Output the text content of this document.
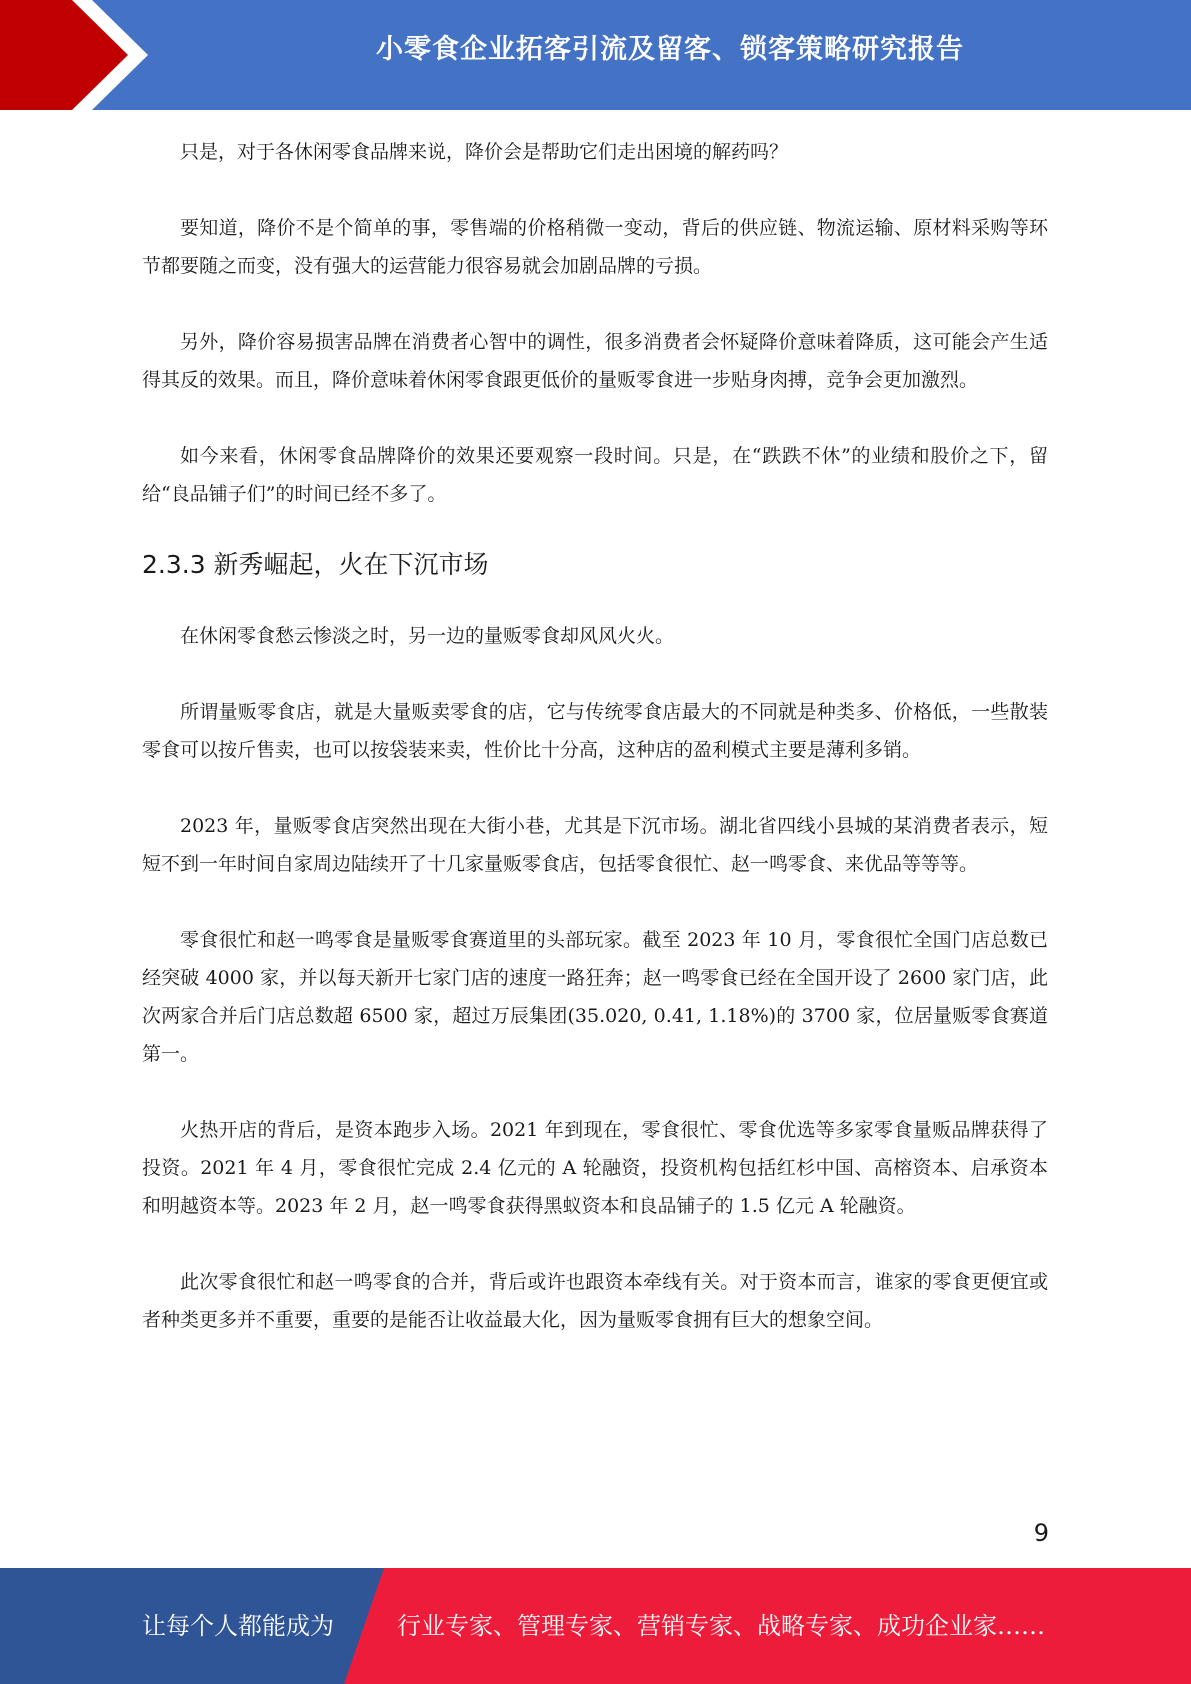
小零食企业拓客引流及留客、锁客策略研究报告

只是，对于各休闲零食品牌来说，降价会是帮助它们走出困境的解药吗？

要知道，降价不是个简单的事，零售端的价格稍微一变动，背后的供应链、物流运输、原材料采购等环节都要随之而变，没有强大的运营能力很容易就会加剧品牌的亏损。

另外，降价容易损害品牌在消费者心智中的调性，很多消费者会怀疑降价意味着降质，这可能会产生适得其反的效果。而且，降价意味着休闲零食跟更低价的量贩零食进一步贴身肉搏，竞争会更加激烈。

如今来看，休闲零食品牌降价的效果还要观察一段时间。只是，在“跌跌不休”的业绩和股价之下，留给“良品铺子们”的时间已经不多了。

2.3.3 新秀崛起，火在下沉市场

在休闲零食愁云惨淡之时，另一边的量贩零食却风风火火。

所谓量贩零食店，就是大量贩卖零食的店，它与传统零食店最大的不同就是种类多、价格低，一些散装零食可以按斤售卖，也可以按袋装来卖，性价比十分高，这种店的盈利模式主要是薄利多销。

2023 年，量贩零食店突然出现在大街小巷，尤其是下沉市场。湖北省四线小县城的某消费者表示，短短不到一年时间自家周边陆续开了十几家量贩零食店，包括零食很忙、赵一鸣零食、来优品等等等。

零食很忙和赵一鸣零食是量贩零食赛道里的头部玩家。截至 2023 年 10 月，零食很忙全国门店总数已经突破 4000 家，并以每天新开七家门店的速度一路狂奔；赵一鸣零食已经在全国开设了 2600 家门店，此次两家合并后门店总数超 6500 家，超过万辰集团(35.020, 0.41, 1.18%)的 3700 家，位居量贩零食赛道第一。

火热开店的背后，是资本跑步入场。2021 年到现在，零食很忙、零食优选等多家零食量贩品牌获得了投资。2021 年 4 月，零食很忙完成 2.4 亿元的 A 轮融资，投资机构包括红杉中国、高榕资本、启承资本和明越资本等。2023 年 2 月，赵一鸣零食获得黑蚁资本和良品铺子的 1.5 亿元 A 轮融资。

此次零食很忙和赵一鸣零食的合并，背后或许也跟资本牵线有关。对于资本而言，谁家的零食更便宜或者种类更多并不重要，重要的是能否让收益最大化，因为量贩零食拥有巨大的想象空间。

9
让每个人都能成为	行业专家、管理专家、营销专家、战略专家、成功企业家……
